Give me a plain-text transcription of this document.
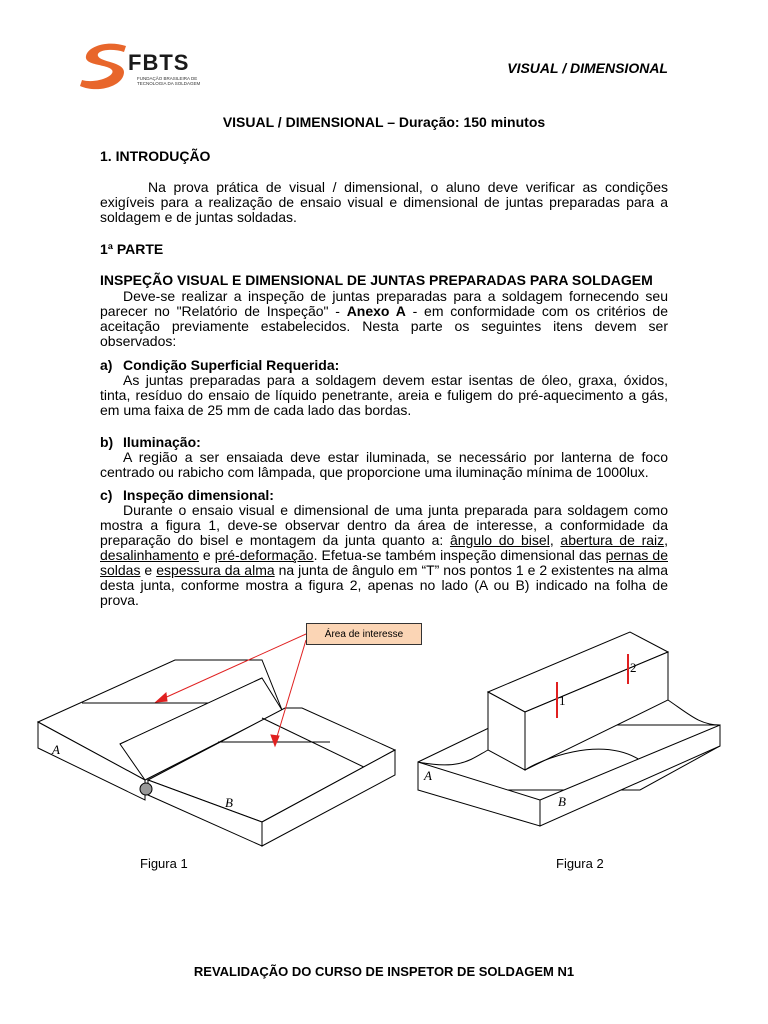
FBTS
FUNDAÇÃO BRASILEIRA DE
TECNOLOGIA DA SOLDAGEM
VISUAL / DIMENSIONAL
VISUAL / DIMENSIONAL – Duração: 150 minutos
1. INTRODUÇÃO
Na prova prática de visual / dimensional, o aluno deve verificar as condições exigíveis para a realização de ensaio visual e dimensional de juntas preparadas para a soldagem e de juntas soldadas.
1ª PARTE
INSPEÇÃO VISUAL E DIMENSIONAL DE JUNTAS PREPARADAS PARA SOLDAGEM
Deve-se realizar a inspeção de juntas preparadas para a soldagem fornecendo seu parecer no "Relatório de Inspeção" - Anexo A - em conformidade com os critérios de aceitação previamente estabelecidos. Nesta parte os seguintes itens devem ser observados:
a) Condição Superficial Requerida:
As juntas preparadas para a soldagem devem estar isentas de óleo, graxa, óxidos, tinta, resíduo do ensaio de líquido penetrante, areia e fuligem do pré-aquecimento a gás, em uma faixa de 25 mm de cada lado das bordas.
b) Iluminação:
A região a ser ensaiada deve estar iluminada, se necessário por lanterna de foco centrado ou rabicho com lâmpada, que proporcione uma iluminação mínima de 1000lux.
c) Inspeção dimensional:
Durante o ensaio visual e dimensional de uma junta preparada para soldagem como mostra a figura 1, deve-se observar dentro da área de interesse, a conformidade da preparação do bisel e montagem da junta quanto a: ângulo do bisel, abertura de raiz, desalinhamento e pré-deformação. Efetua-se também inspeção dimensional das pernas de soldas e espessura da alma na junta de ângulo em “T” nos pontos 1 e 2 existentes na alma desta junta, conforme mostra a figura 2, apenas no lado (A ou B) indicado na folha de prova.
Área de interesse
A
B
A
B
1
2
Figura 1	Figura 2
REVALIDAÇÃO DO CURSO DE INSPETOR DE SOLDAGEM N1
